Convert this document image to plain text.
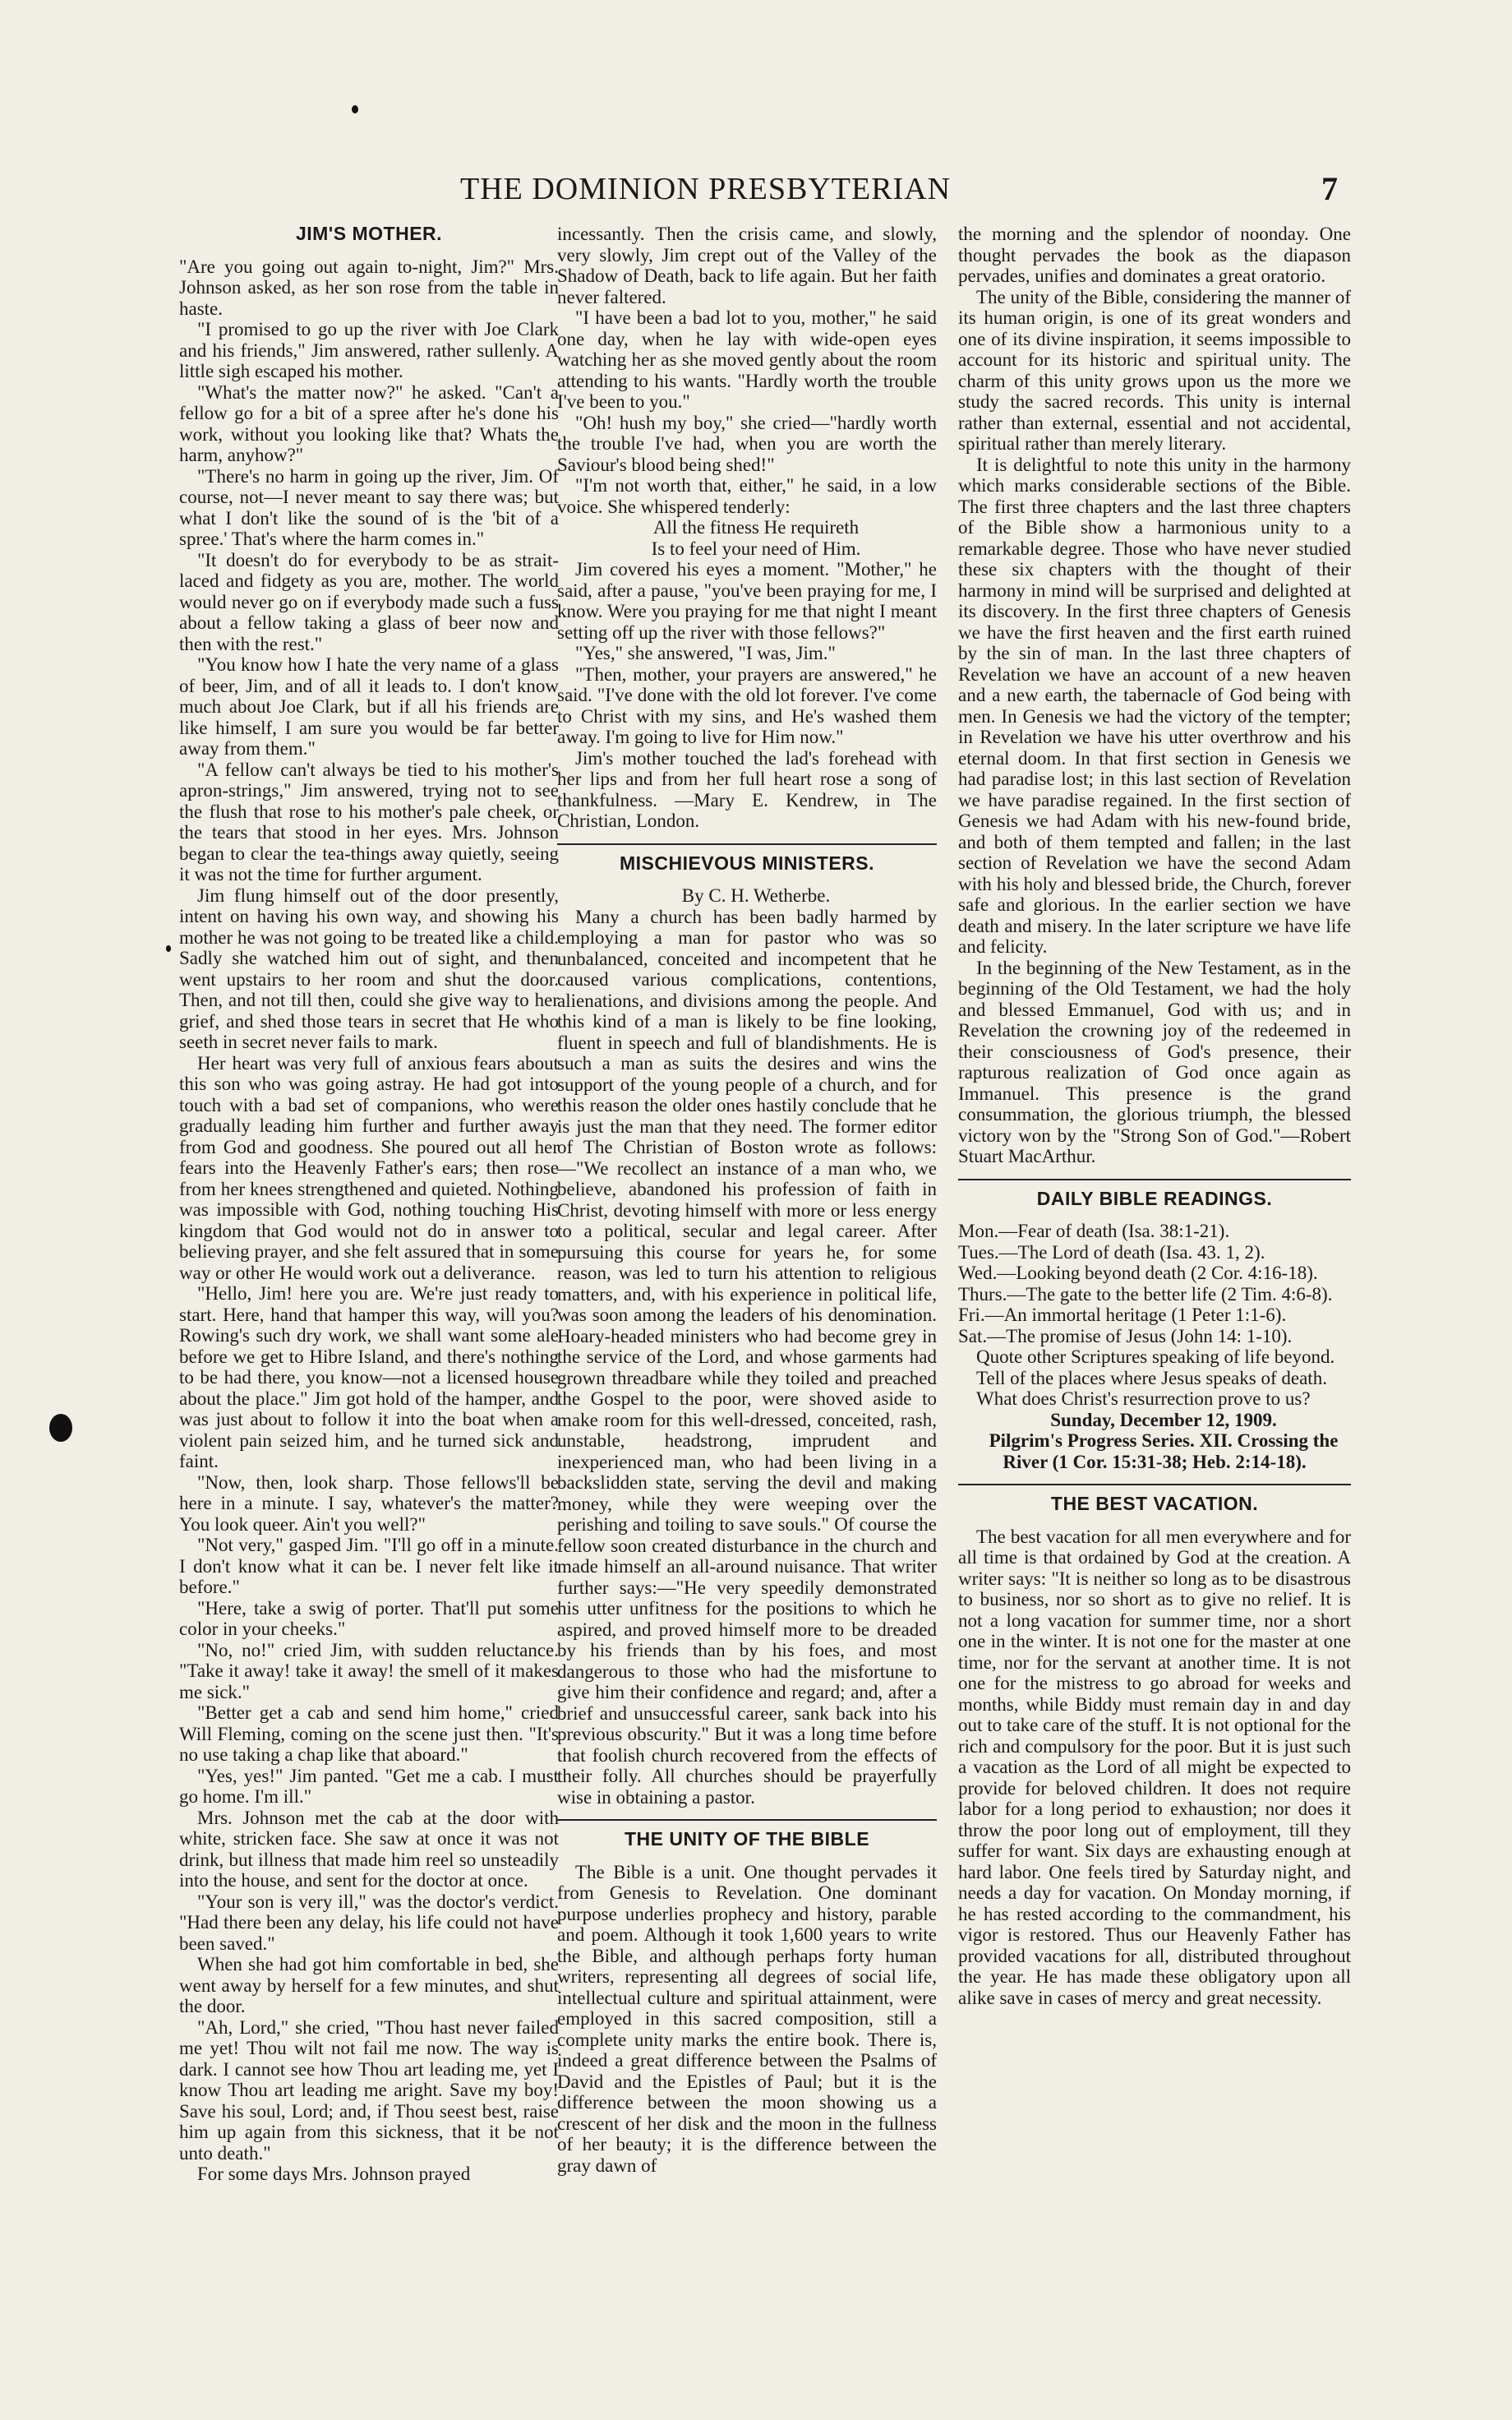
THE DOMINION PRESBYTERIAN	7
JIM'S MOTHER.

"Are you going out again to-night, Jim?" Mrs. Johnson asked, as her son rose from the table in haste.

"I promised to go up the river with Joe Clark and his friends," Jim answered, rather sullenly. A little sigh escaped his mother.

"What's the matter now?" he asked. "Can't a fellow go for a bit of a spree after he's done his work, without you looking like that? Whats the harm, anyhow?"

"There's no harm in going up the river, Jim. Of course, not—I never meant to say there was; but what I don't like the sound of is the 'bit of a spree.' That's where the harm comes in."

"It doesn't do for everybody to be as strait-laced and fidgety as you are, mother. The world would never go on if everybody made such a fuss about a fellow taking a glass of beer now and then with the rest."

"You know how I hate the very name of a glass of beer, Jim, and of all it leads to. I don't know much about Joe Clark, but if all his friends are like himself, I am sure you would be far better away from them."

"A fellow can't always be tied to his mother's apron-strings," Jim answered, trying not to see the flush that rose to his mother's pale cheek, or the tears that stood in her eyes. Mrs. Johnson began to clear the tea-things away quietly, seeing it was not the time for further argument.

Jim flung himself out of the door presently, intent on having his own way, and showing his mother he was not going to be treated like a child. Sadly she watched him out of sight, and then went upstairs to her room and shut the door. Then, and not till then, could she give way to her grief, and shed those tears in secret that He who seeth in secret never fails to mark.

Her heart was very full of anxious fears about this son who was going astray. He had got into touch with a bad set of companions, who were gradually leading him further and further away from God and goodness. She poured out all her fears into the Heavenly Father's ears; then rose from her knees strengthened and quieted. Nothing was impossible with God, nothing touching His kingdom that God would not do in answer to believing prayer, and she felt assured that in some way or other He would work out a deliverance.

"Hello, Jim! here you are. We're just ready to start. Here, hand that hamper this way, will you? Rowing's such dry work, we shall want some ale before we get to Hibre Island, and there's nothing to be had there, you know—not a licensed house about the place." Jim got hold of the hamper, and was just about to follow it into the boat when a violent pain seized him, and he turned sick and faint.

"Now, then, look sharp. Those fellows'll be here in a minute. I say, whatever's the matter? You look queer. Ain't you well?"

"Not very," gasped Jim. "I'll go off in a minute. I don't know what it can be. I never felt like it before."

"Here, take a swig of porter. That'll put some color in your cheeks."

"No, no!" cried Jim, with sudden reluctance. "Take it away! take it away! the smell of it makes me sick."

"Better get a cab and send him home," cried Will Fleming, coming on the scene just then. "It's no use taking a chap like that aboard."

"Yes, yes!" Jim panted. "Get me a cab. I must go home. I'm ill."

Mrs. Johnson met the cab at the door with white, stricken face. She saw at once it was not drink, but illness that made him reel so unsteadily into the house, and sent for the doctor at once.

"Your son is very ill," was the doctor's verdict. "Had there been any delay, his life could not have been saved."

When she had got him comfortable in bed, she went away by herself for a few minutes, and shut the door.

"Ah, Lord," she cried, "Thou hast never failed me yet! Thou wilt not fail me now. The way is dark. I cannot see how Thou art leading me, yet I know Thou art leading me aright. Save my boy! Save his soul, Lord; and, if Thou seest best, raise him up again from this sickness, that it be not unto death."

For some days Mrs. Johnson prayed

incessantly. Then the crisis came, and slowly, very slowly, Jim crept out of the Valley of the Shadow of Death, back to life again. But her faith never faltered.

"I have been a bad lot to you, mother," he said one day, when he lay with wide-open eyes watching her as she moved gently about the room attending to his wants. "Hardly worth the trouble I've been to you."

"Oh! hush my boy," she cried—"hardly worth the trouble I've had, when you are worth the Saviour's blood being shed!"

"I'm not worth that, either," he said, in a low voice. She whispered tenderly:

All the fitness He requireth

Is to feel your need of Him.

Jim covered his eyes a moment. "Mother," he said, after a pause, "you've been praying for me, I know. Were you praying for me that night I meant setting off up the river with those fellows?"

"Yes," she answered, "I was, Jim."

"Then, mother, your prayers are answered," he said. "I've done with the old lot forever. I've come to Christ with my sins, and He's washed them away. I'm going to live for Him now."

Jim's mother touched the lad's forehead with her lips and from her full heart rose a song of thankfulness. —Mary E. Kendrew, in The Christian, London.

MISCHIEVOUS MINISTERS.

By C. H. Wetherbe.

Many a church has been badly harmed by employing a man for pastor who was so unbalanced, conceited and incompetent that he caused various complications, contentions, alienations, and divisions among the people. And this kind of a man is likely to be fine looking, fluent in speech and full of blandishments. He is such a man as suits the desires and wins the support of the young people of a church, and for this reason the older ones hastily conclude that he is just the man that they need. The former editor of The Christian of Boston wrote as follows:—"We recollect an instance of a man who, we believe, abandoned his profession of faith in Christ, devoting himself with more or less energy to a political, secular and legal career. After pursuing this course for years he, for some reason, was led to turn his attention to religious matters, and, with his experience in political life, was soon among the leaders of his denomination. Hoary-headed ministers who had become grey in the service of the Lord, and whose garments had grown threadbare while they toiled and preached the Gospel to the poor, were shoved aside to make room for this well-dressed, conceited, rash, unstable, headstrong, imprudent and inexperienced man, who had been living in a backslidden state, serving the devil and making money, while they were weeping over the perishing and toiling to save souls." Of course the fellow soon created disturbance in the church and made himself an all-around nuisance. That writer further says:—"He very speedily demonstrated his utter unfitness for the positions to which he aspired, and proved himself more to be dreaded by his friends than by his foes, and most dangerous to those who had the misfortune to give him their confidence and regard; and, after a brief and unsuccessful career, sank back into his previous obscurity." But it was a long time before that foolish church recovered from the effects of their folly. All churches should be prayerfully wise in obtaining a pastor.

THE UNITY OF THE BIBLE

The Bible is a unit. One thought pervades it from Genesis to Revelation. One dominant purpose underlies prophecy and history, parable and poem. Although it took 1,600 years to write the Bible, and although perhaps forty human writers, representing all degrees of social life, intellectual culture and spiritual attainment, were employed in this sacred composition, still a complete unity marks the entire book. There is, indeed a great difference between the Psalms of David and the Epistles of Paul; but it is the difference between the moon showing us a crescent of her disk and the moon in the fullness of her beauty; it is the difference between the gray dawn of

the morning and the splendor of noonday. One thought pervades the book as the diapason pervades, unifies and dominates a great oratorio.

The unity of the Bible, considering the manner of its human origin, is one of its great wonders and one of its divine inspiration, it seems impossible to account for its historic and spiritual unity. The charm of this unity grows upon us the more we study the sacred records. This unity is internal rather than external, essential and not accidental, spiritual rather than merely literary.

It is delightful to note this unity in the harmony which marks considerable sections of the Bible. The first three chapters and the last three chapters of the Bible show a harmonious unity to a remarkable degree. Those who have never studied these six chapters with the thought of their harmony in mind will be surprised and delighted at its discovery. In the first three chapters of Genesis we have the first heaven and the first earth ruined by the sin of man. In the last three chapters of Revelation we have an account of a new heaven and a new earth, the tabernacle of God being with men. In Genesis we had the victory of the tempter; in Revelation we have his utter overthrow and his eternal doom. In that first section in Genesis we had paradise lost; in this last section of Revelation we have paradise regained. In the first section of Genesis we had Adam with his new-found bride, and both of them tempted and fallen; in the last section of Revelation we have the second Adam with his holy and blessed bride, the Church, forever safe and glorious. In the earlier section we have death and misery. In the later scripture we have life and felicity.

In the beginning of the New Testament, as in the beginning of the Old Testament, we had the holy and blessed Emmanuel, God with us; and in Revelation the crowning joy of the redeemed in their consciousness of God's presence, their rapturous realization of God once again as Immanuel. This presence is the grand consummation, the glorious triumph, the blessed victory won by the "Strong Son of God."—Robert Stuart MacArthur.

DAILY BIBLE READINGS.

Mon.—Fear of death (Isa. 38:1-21).

Tues.—The Lord of death (Isa. 43. 1, 2).

Wed.—Looking beyond death (2 Cor. 4:16-18).

Thurs.—The gate to the better life (2 Tim. 4:6-8).

Fri.—An immortal heritage (1 Peter 1:1-6).

Sat.—The promise of Jesus (John 14: 1-10).

Quote other Scriptures speaking of life beyond.

Tell of the places where Jesus speaks of death.

What does Christ's resurrection prove to us?

Sunday, December 12, 1909.

Pilgrim's Progress Series. XII. Crossing the River (1 Cor. 15:31-38; Heb. 2:14-18).

THE BEST VACATION.

The best vacation for all men everywhere and for all time is that ordained by God at the creation. A writer says: "It is neither so long as to be disastrous to business, nor so short as to give no relief. It is not a long vacation for summer time, nor a short one in the winter. It is not one for the master at one time, nor for the servant at another time. It is not one for the mistress to go abroad for weeks and months, while Biddy must remain day in and day out to take care of the stuff. It is not optional for the rich and compulsory for the poor. But it is just such a vacation as the Lord of all might be expected to provide for beloved children. It does not require labor for a long period to exhaustion; nor does it throw the poor long out of employment, till they suffer for want. Six days are exhausting enough at hard labor. One feels tired by Saturday night, and needs a day for vacation. On Monday morning, if he has rested according to the commandment, his vigor is restored. Thus our Heavenly Father has provided vacations for all, distributed throughout the year. He has made these obligatory upon all alike save in cases of mercy and great necessity.
